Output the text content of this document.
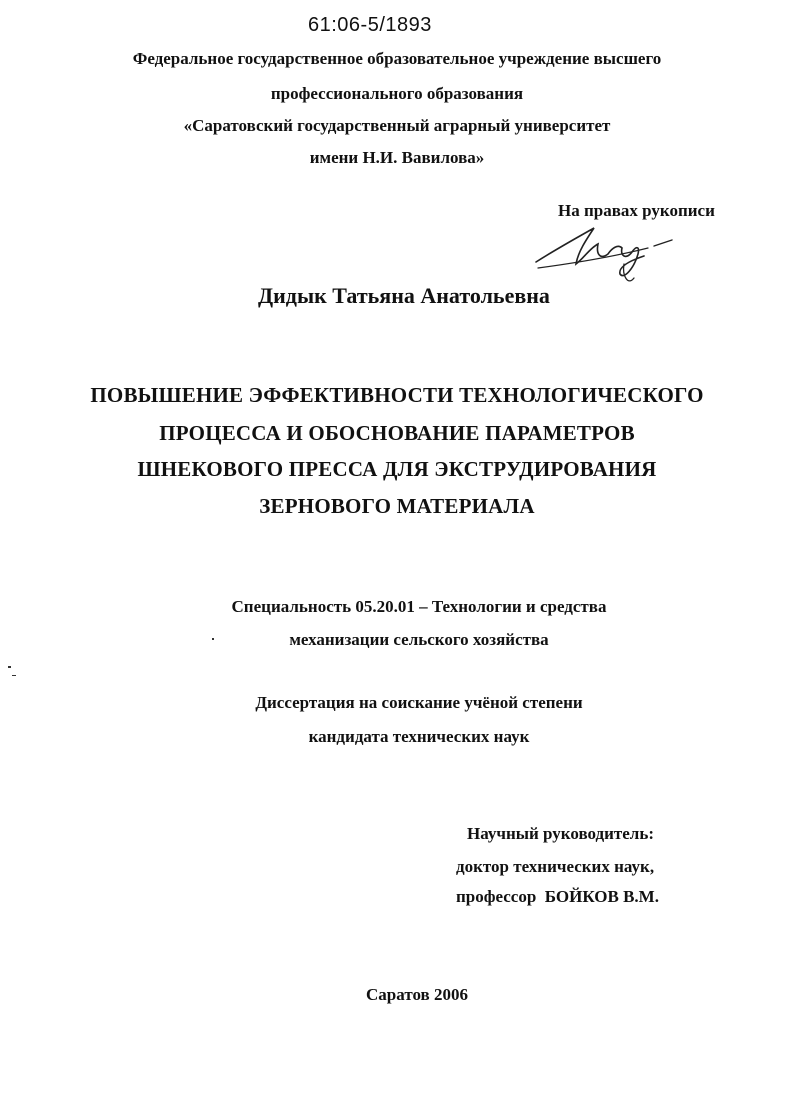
61:06-5/1893
Федеральное государственное образовательное учреждение высшего
профессионального образования
«Саратовский государственный аграрный университет
имени Н.И. Вавилова»
На правах рукописи
Дидык Татьяна Анатольевна
ПОВЫШЕНИЕ ЭФФЕКТИВНОСТИ ТЕХНОЛОГИЧЕСКОГО
ПРОЦЕССА И ОБОСНОВАНИЕ ПАРАМЕТРОВ
ШНЕКОВОГО ПРЕССА ДЛЯ ЭКСТРУДИРОВАНИЯ
ЗЕРНОВОГО МАТЕРИАЛА
Специальность 05.20.01 – Технологии и средства
механизации сельского хозяйства
Диссертация на соискание учёной степени
кандидата технических наук
Научный руководитель:
доктор технических наук,
профессор  БОЙКОВ В.М.
Саратов 2006
